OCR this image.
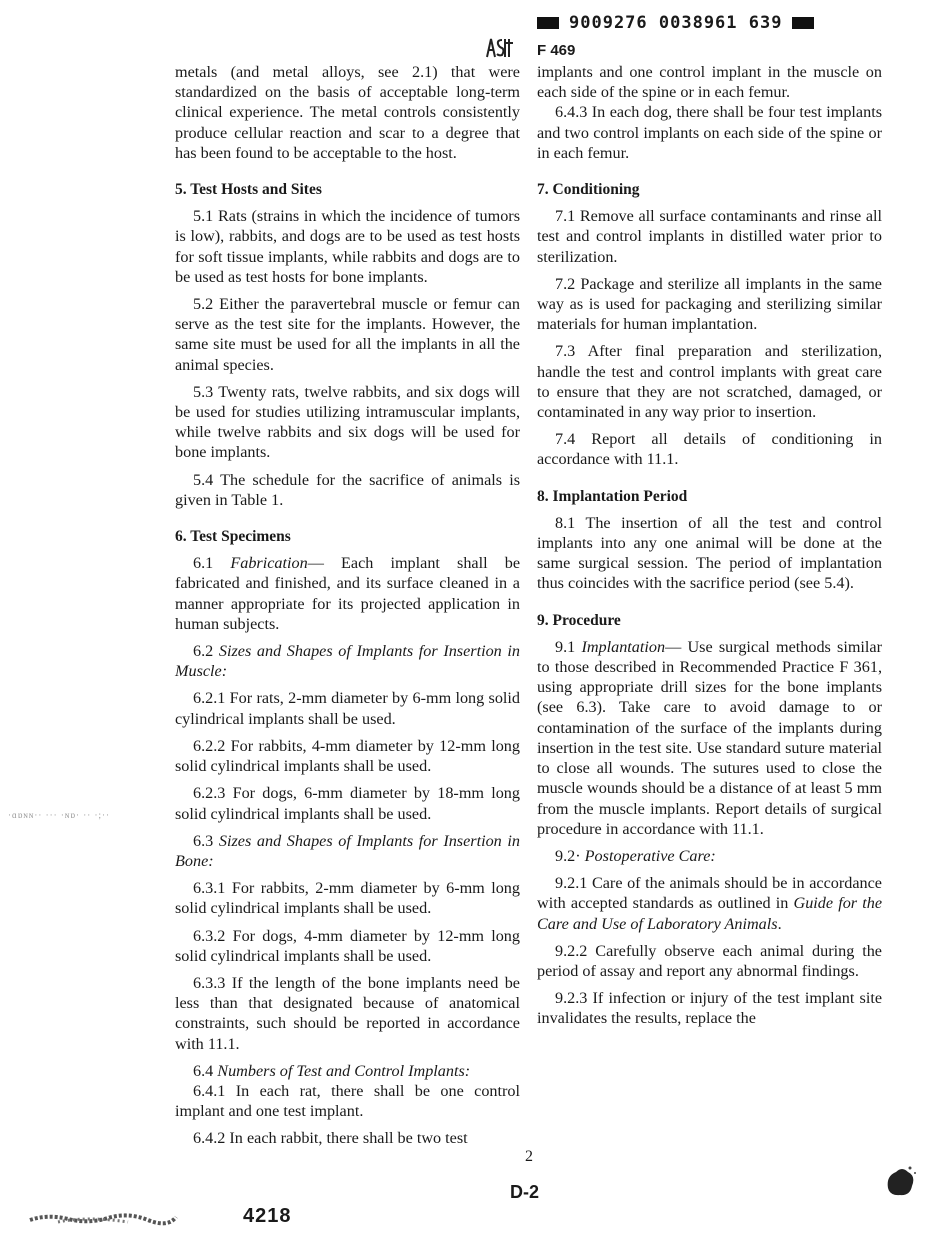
9009276 0038961 639
F 469

metals (and metal alloys, see 2.1) that were standardized on the basis of acceptable long-term clinical experience. The metal controls consistently produce cellular reaction and scar to a degree that has been found to be acceptable to the host.

5. Test Hosts and Sites

5.1 Rats (strains in which the incidence of tumors is low), rabbits, and dogs are to be used as test hosts for soft tissue implants, while rabbits and dogs are to be used as test hosts for bone implants.

5.2 Either the paravertebral muscle or femur can serve as the test site for the implants. However, the same site must be used for all the implants in all the animal species.

5.3 Twenty rats, twelve rabbits, and six dogs will be used for studies utilizing intramuscular implants, while twelve rabbits and six dogs will be used for bone implants.

5.4 The schedule for the sacrifice of animals is given in Table 1.

6. Test Specimens

6.1 Fabrication— Each implant shall be fabricated and finished, and its surface cleaned in a manner appropriate for its projected application in human subjects.

6.2 Sizes and Shapes of Implants for Insertion in Muscle:

6.2.1 For rats, 2-mm diameter by 6-mm long solid cylindrical implants shall be used.

6.2.2 For rabbits, 4-mm diameter by 12-mm long solid cylindrical implants shall be used.

6.2.3 For dogs, 6-mm diameter by 18-mm long solid cylindrical implants shall be used.

6.3 Sizes and Shapes of Implants for Insertion in Bone:

6.3.1 For rabbits, 2-mm diameter by 6-mm long solid cylindrical implants shall be used.

6.3.2 For dogs, 4-mm diameter by 12-mm long solid cylindrical implants shall be used.

6.3.3 If the length of the bone implants need be less than that designated because of anatomical constraints, such should be reported in accordance with 11.1.

6.4 Numbers of Test and Control Implants:

6.4.1 In each rat, there shall be one control implant and one test implant.

6.4.2 In each rabbit, there shall be two test

implants and one control implant in the muscle on each side of the spine or in each femur.

6.4.3 In each dog, there shall be four test implants and two control implants on each side of the spine or in each femur.

7. Conditioning

7.1 Remove all surface contaminants and rinse all test and control implants in distilled water prior to sterilization.

7.2 Package and sterilize all implants in the same way as is used for packaging and sterilizing similar materials for human implantation.

7.3 After final preparation and sterilization, handle the test and control implants with great care to ensure that they are not scratched, damaged, or contaminated in any way prior to insertion.

7.4 Report all details of conditioning in accordance with 11.1.

8. Implantation Period

8.1 The insertion of all the test and control implants into any one animal will be done at the same surgical session. The period of implantation thus coincides with the sacrifice period (see 5.4).

9. Procedure

9.1 Implantation— Use surgical methods similar to those described in Recommended Practice F 361, using appropriate drill sizes for the bone implants (see 6.3). Take care to avoid damage to or contamination of the surface of the implants during insertion in the test site. Use standard suture material to close all wounds. The sutures used to close the muscle wounds should be a distance of at least 5 mm from the muscle implants. Report details of surgical procedure in accordance with 11.1.

9.2· Postoperative Care:

9.2.1 Care of the animals should be in accordance with accepted standards as outlined in Guide for the Care and Use of Laboratory Animals.

9.2.2 Carefully observe each animal during the period of assay and report any abnormal findings.

9.2.3 If infection or injury of the test implant site invalidates the results, replace the

·ɑɒɴɴ·· ··· ·ɴɒ· ·· ·;··
2
D-2
4218
